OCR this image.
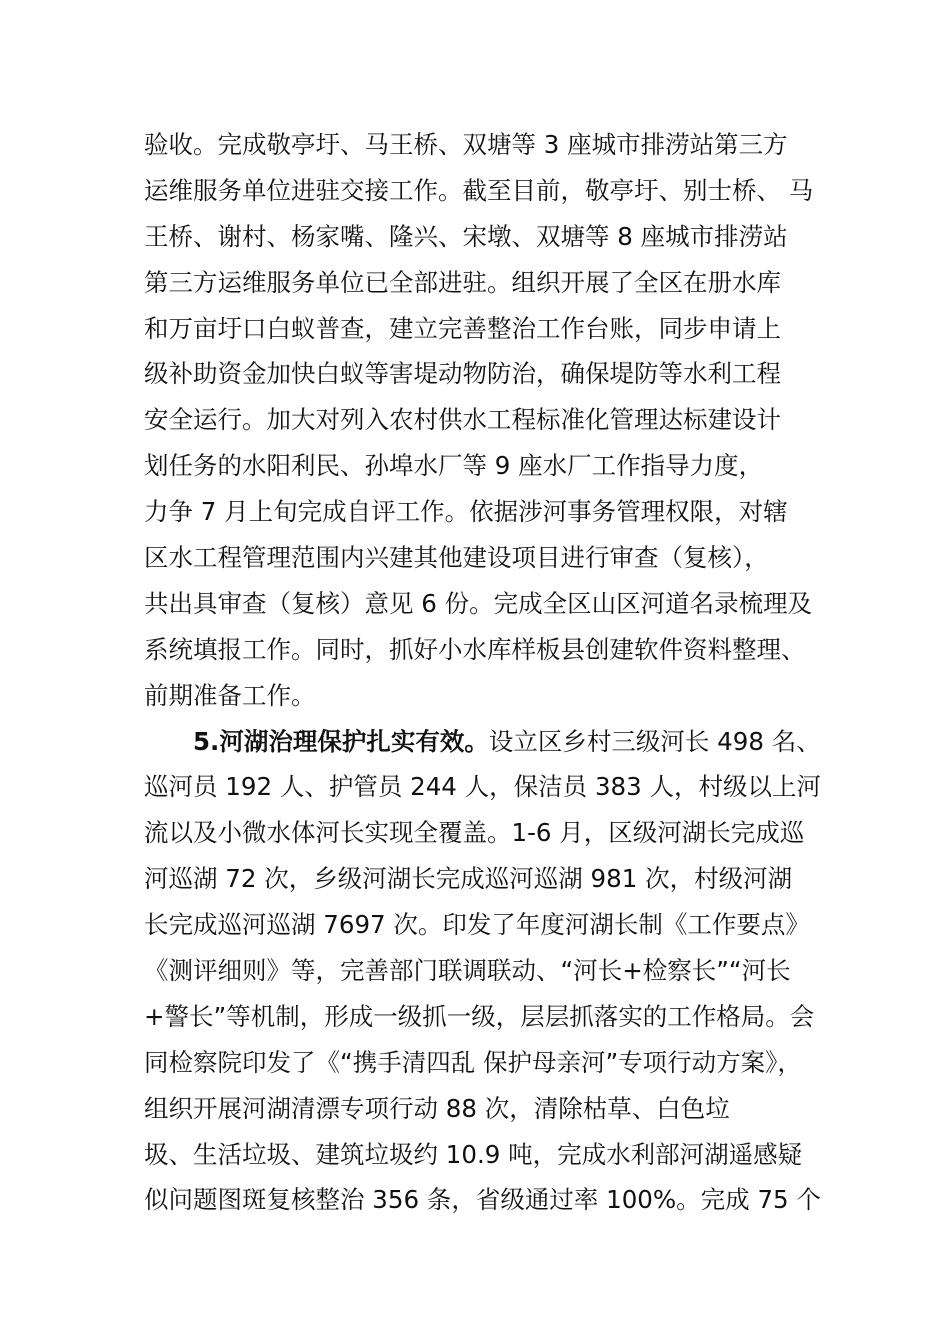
验收。完成敬亭圩、马王桥、双塘等 3 座城市排涝站第三方
运维服务单位进驻交接工作。截至目前，敬亭圩、别士桥、 马
王桥、谢村、杨家嘴、隆兴、宋墩、双塘等 8 座城市排涝站
第三方运维服务单位已全部进驻。组织开展了全区在册水库
和万亩圩口白蚁普查，建立完善整治工作台账，同步申请上
级补助资金加快白蚁等害堤动物防治，确保堤防等水利工程
安全运行。加大对列入农村供水工程标准化管理达标建设计
划任务的水阳利民、孙埠水厂等 9 座水厂工作指导力度，
力争 7 月上旬完成自评工作。依据涉河事务管理权限，对辖
区水工程管理范围内兴建其他建设项目进行审查（复核），
共出具审查（复核）意见 6 份。完成全区山区河道名录梳理及
系统填报工作。同时，抓好小水库样板县创建软件资料整理、
前期准备工作。
5.河湖治理保护扎实有效。设立区乡村三级河长 498 名、
巡河员 192 人、护管员 244 人，保洁员 383 人，村级以上河
流以及小微水体河长实现全覆盖。1-6 月，区级河湖长完成巡
河巡湖 72 次，乡级河湖长完成巡河巡湖 981 次，村级河湖
长完成巡河巡湖 7697 次。印发了年度河湖长制《工作要点》
《测评细则》等，完善部门联调联动、“河长+检察长”“河长
+警长”等机制，形成一级抓一级，层层抓落实的工作格局。会
同检察院印发了《“携手清四乱 保护母亲河”专项行动方案》，
组织开展河湖清漂专项行动 88 次，清除枯草、白色垃
圾、生活垃圾、建筑垃圾约 10.9 吨，完成水利部河湖遥感疑
似问题图斑复核整治 356 条，省级通过率 100%。完成 75 个
